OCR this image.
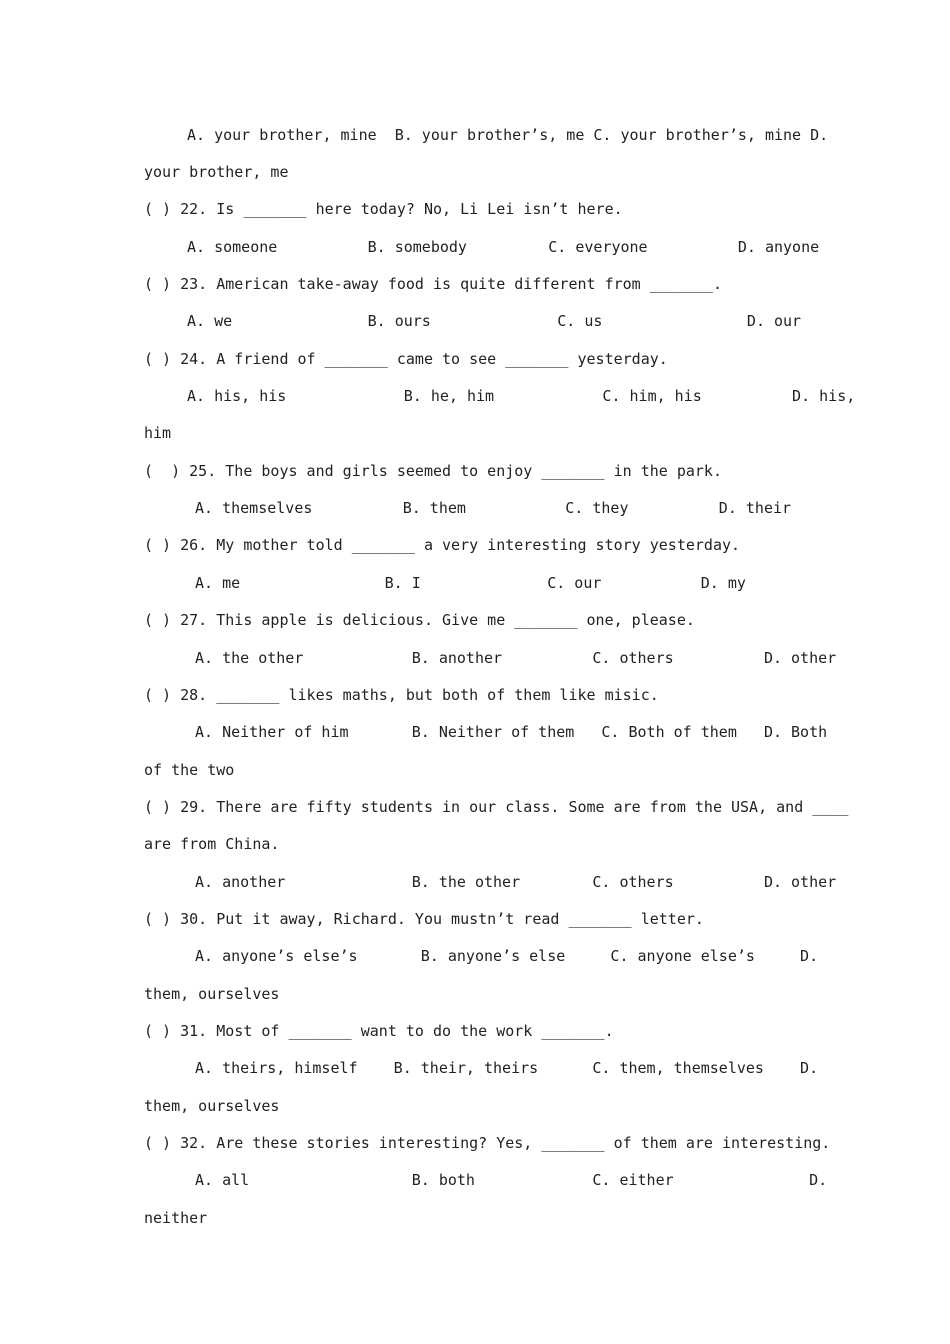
A. your brother, mine  B. your brother’s, me C. your brother’s, mine D.
your brother, me
( ) 22. Is _______ here today? No, Li Lei isn’t here.
A. someone          B. somebody         C. everyone          D. anyone
( ) 23. American take-away food is quite different from _______.
A. we               B. ours              C. us                D. our
( ) 24. A friend of _______ came to see _______ yesterday.
A. his, his             B. he, him            C. him, his          D. his,
him
(  ) 25. The boys and girls seemed to enjoy _______ in the park.
A. themselves          B. them           C. they          D. their
( ) 26. My mother told _______ a very interesting story yesterday.
A. me                B. I              C. our           D. my
( ) 27. This apple is delicious. Give me _______ one, please.
A. the other            B. another          C. others          D. other
( ) 28. _______ likes maths, but both of them like misic.
A. Neither of him       B. Neither of them   C. Both of them   D. Both
of the two
( ) 29. There are fifty students in our class. Some are from the USA, and ____
are from China.
A. another              B. the other        C. others          D. other
( ) 30. Put it away, Richard. You mustn’t read _______ letter.
A. anyone’s else’s       B. anyone’s else     C. anyone else’s     D.
them, ourselves
( ) 31. Most of _______ want to do the work _______.
A. theirs, himself    B. their, theirs      C. them, themselves    D.
them, ourselves
( ) 32. Are these stories interesting? Yes, _______ of them are interesting.
A. all                  B. both             C. either               D.
neither
